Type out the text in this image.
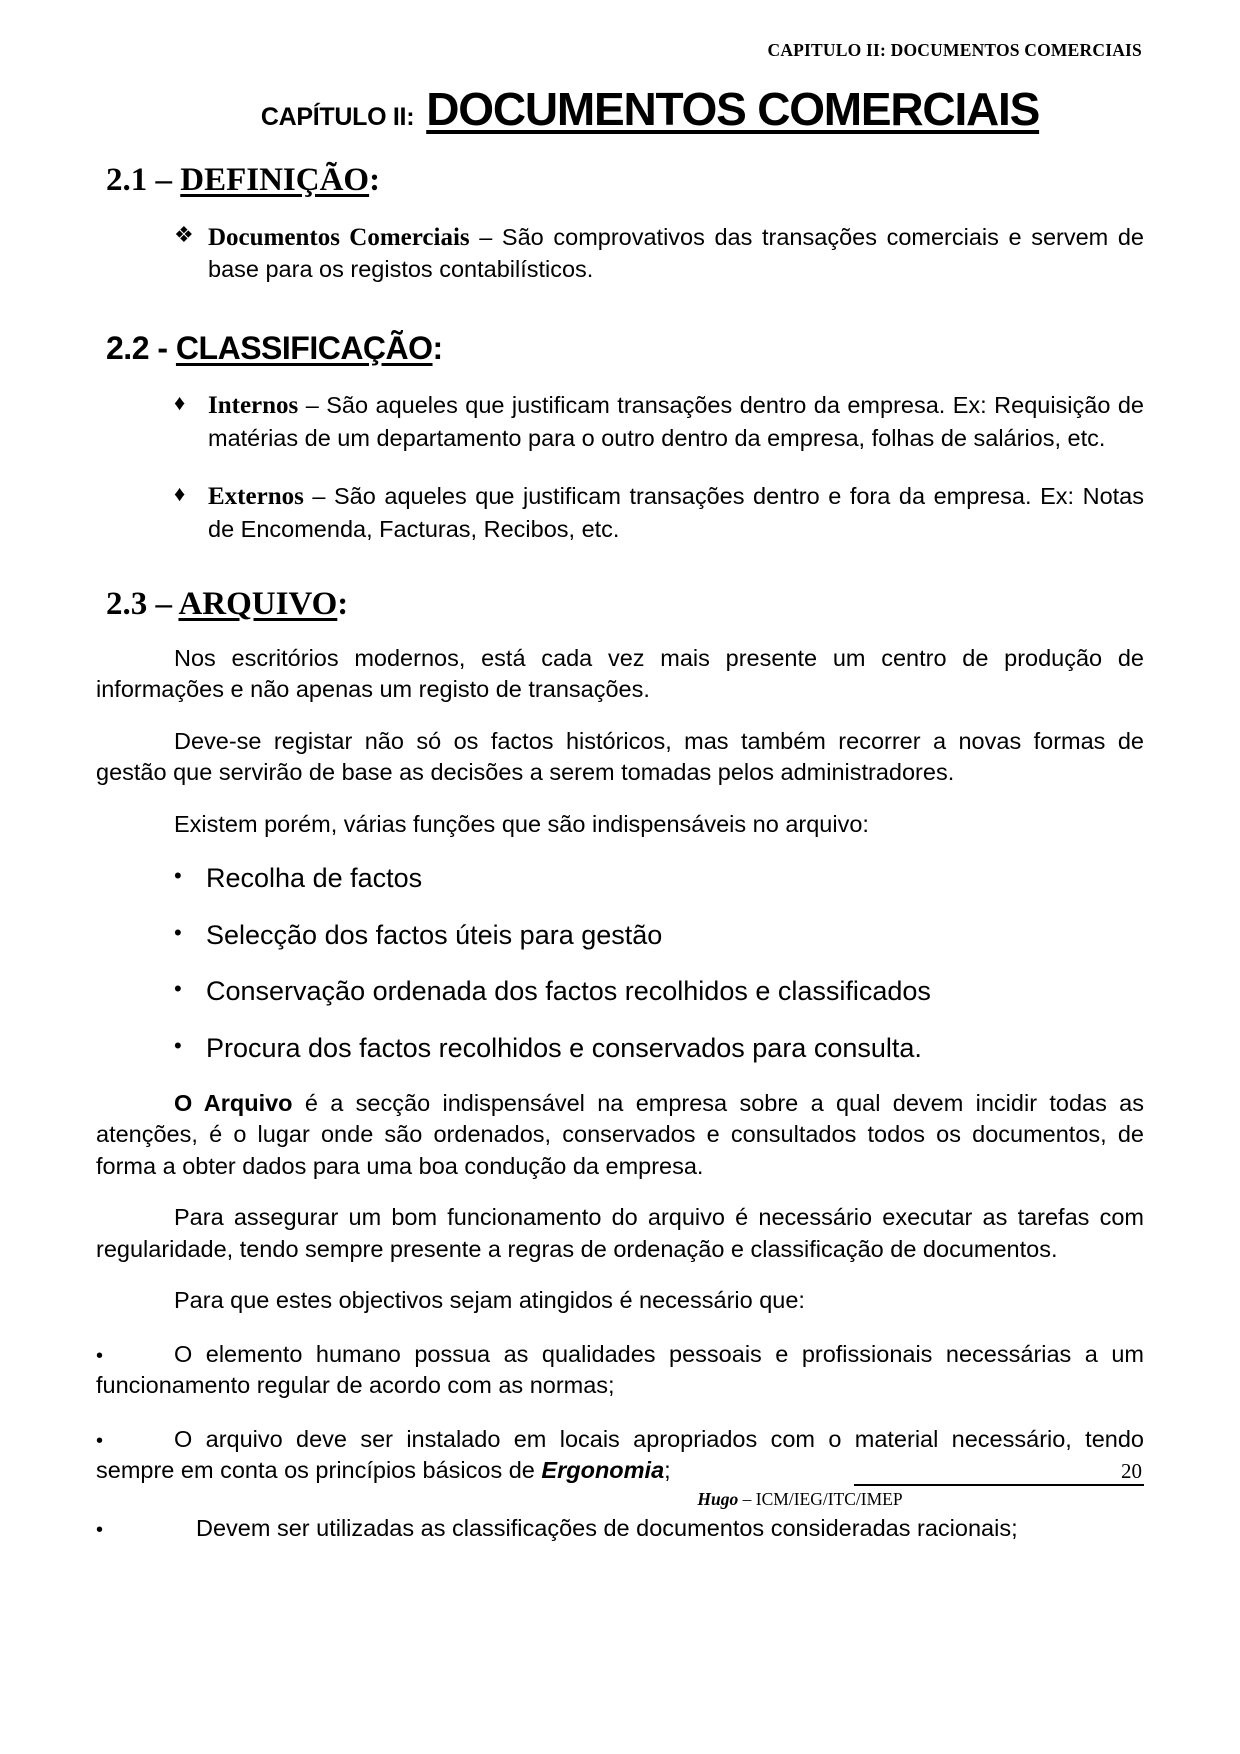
CAPITULO II: DOCUMENTOS COMERCIAIS
CAPÍTULO II: DOCUMENTOS COMERCIAIS
2.1 – DEFINIÇÃO:
❖ Documentos Comerciais – São comprovativos das transações comerciais e servem de base para os registos contabilísticos.
2.2 - CLASSIFICAÇÃO:
♦ Internos – São aqueles que justificam transações dentro da empresa. Ex: Requisição de matérias de um departamento para o outro dentro da empresa, folhas de salários, etc.
♦ Externos – São aqueles que justificam transações dentro e fora da empresa. Ex: Notas de Encomenda, Facturas, Recibos, etc.
2.3 – ARQUIVO:

Nos escritórios modernos, está cada vez mais presente um centro de produção de informações e não apenas um registo de transações.

Deve-se registar não só os factos históricos, mas também recorrer a novas formas de gestão que servirão de base as decisões a serem tomadas pelos administradores.

Existem porém, várias funções que são indispensáveis no arquivo:

• Recolha de factos
• Selecção dos factos úteis para gestão
• Conservação ordenada dos factos recolhidos e classificados
• Procura dos factos recolhidos e conservados para consulta.

O Arquivo é a secção indispensável na empresa sobre a qual devem incidir todas as atenções, é o lugar onde são ordenados, conservados e consultados todos os documentos, de forma a obter dados para uma boa condução da empresa.

Para assegurar um bom funcionamento do arquivo é necessário executar as tarefas com regularidade, tendo sempre presente a regras de ordenação e classificação de documentos.

Para que estes objectivos sejam atingidos é necessário que:

•	O elemento humano possua as qualidades pessoais e profissionais necessárias a um funcionamento regular de acordo com as normas;
•	O arquivo deve ser instalado em locais apropriados com o material necessário, tendo sempre em conta os princípios básicos de Ergonomia;
•	Devem ser utilizadas as classificações de documentos consideradas racionais;
20
Hugo – ICM/IEG/ITC/IMEP
